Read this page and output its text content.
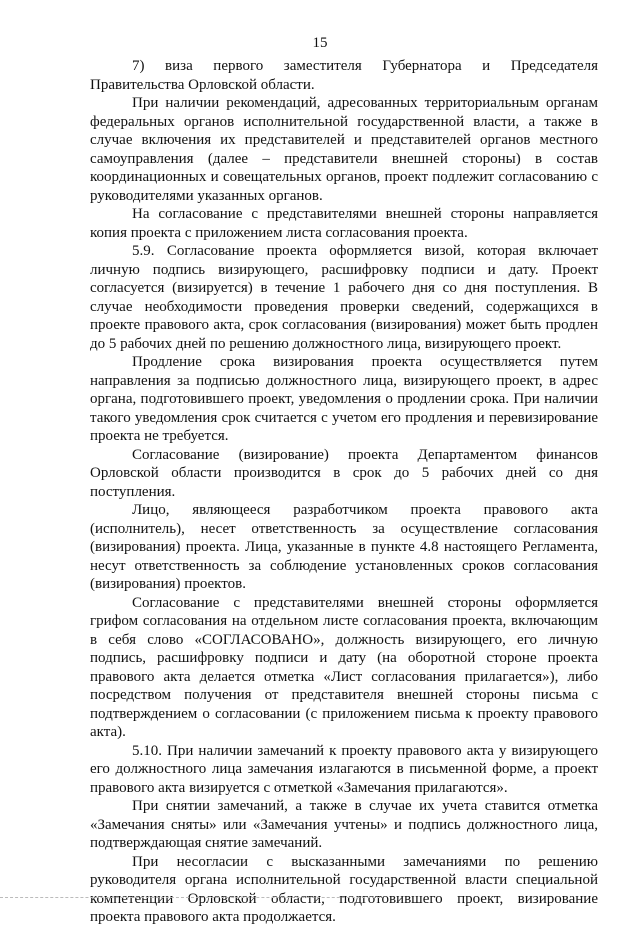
15

7)    виза    первого    заместителя    Губернатора    и    Председателя Правительства Орловской области.

При наличии рекомендаций, адресованных территориальным органам федеральных органов исполнительной государственной власти, а также в случае включения их представителей и представителей органов местного самоуправления (далее – представители внешней стороны) в состав координационных и совещательных органов, проект подлежит согласованию с руководителями указанных органов.

На согласование с представителями внешней стороны направляется копия проекта с приложением листа согласования проекта.

5.9. Согласование проекта оформляется визой, которая включает личную подпись визирующего, расшифровку подписи и дату. Проект согласуется (визируется) в течение 1 рабочего дня со дня поступления. В случае необходимости проведения проверки сведений, содержащихся в проекте правового акта, срок согласования (визирования) может быть продлен до 5 рабочих дней по решению должностного лица, визирующего проект.

Продление срока визирования проекта осуществляется путем направления за подписью должностного лица, визирующего проект, в адрес органа, подготовившего проект, уведомления о продлении срока. При наличии такого уведомления срок считается с учетом его продления и перевизирование проекта не требуется.

Согласование (визирование) проекта Департаментом финансов Орловской области производится в срок до 5 рабочих дней со дня поступления.

Лицо, являющееся разработчиком проекта правового акта (исполнитель), несет ответственность за осуществление согласования (визирования) проекта. Лица, указанные в пункте 4.8 настоящего Регламента, несут ответственность за соблюдение установленных сроков согласования (визирования) проектов.

Согласование с представителями внешней стороны оформляется грифом согласования на отдельном листе согласования проекта, включающим в себя слово «СОГЛАСОВАНО», должность визирующего, его личную подпись, расшифровку подписи и дату (на оборотной стороне проекта правового акта делается отметка «Лист согласования прилагается»), либо посредством получения от представителя внешней стороны письма с подтверждением о согласовании (с приложением письма к проекту правового акта).

5.10. При наличии замечаний к проекту правового акта у визирующего его должностного лица замечания излагаются в письменной форме, а проект правового акта визируется с отметкой «Замечания прилагаются».

При снятии замечаний, а также в случае их учета ставится отметка «Замечания сняты» или «Замечания учтены» и подпись должностного лица, подтверждающая снятие замечаний.

При несогласии с высказанными замечаниями по решению руководителя органа исполнительной государственной власти специальной компетенции Орловской области, подготовившего проект, визирование проекта правового акта продолжается.
